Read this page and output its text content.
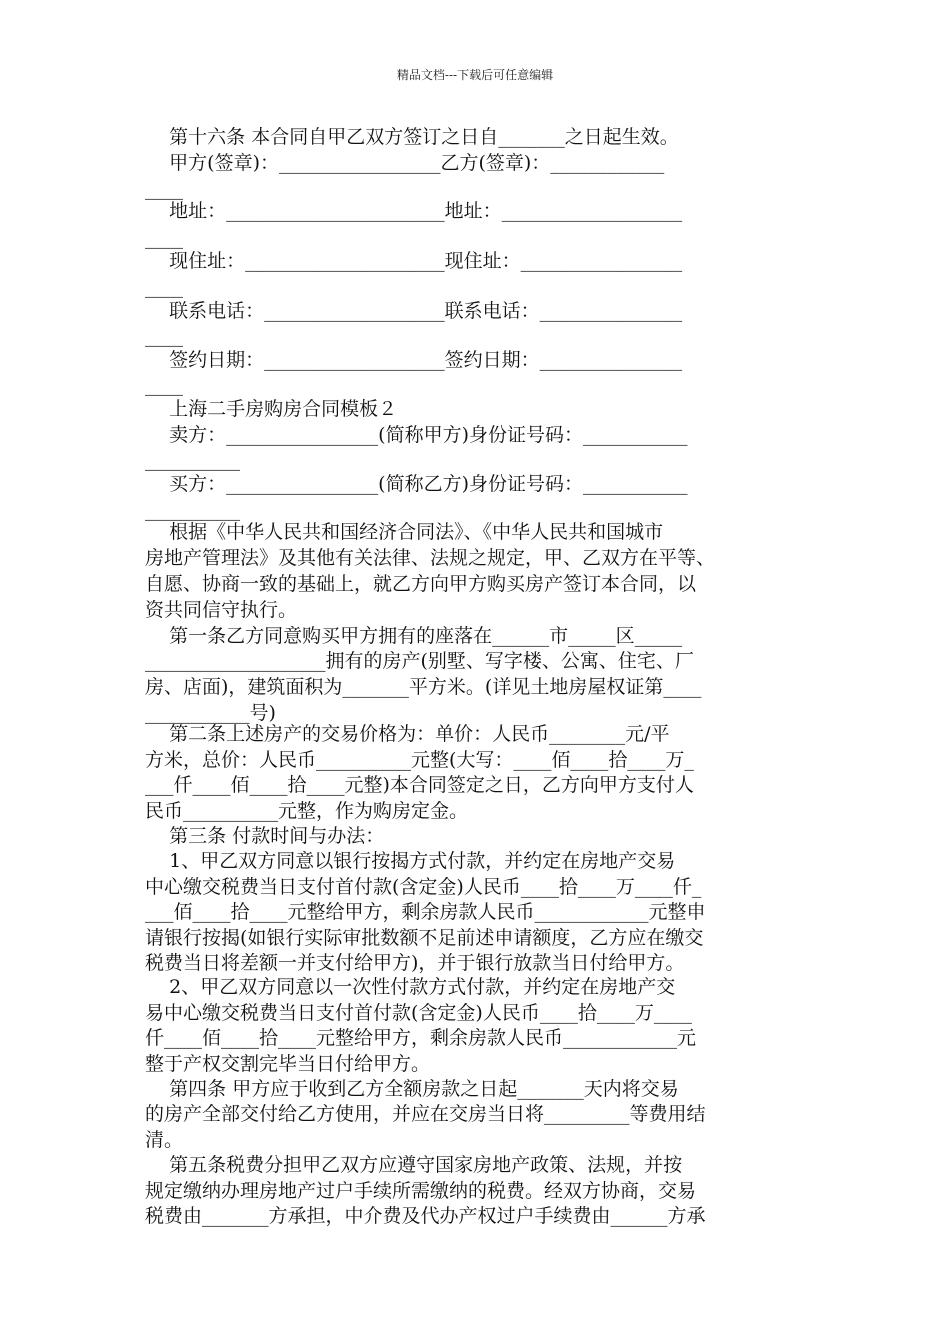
精品文档---下载后可任意编辑
第十六条 本合同自甲乙双方签订之日自_______之日起生效。
甲方(签章)：_________________乙方(签章)：____________
____
地址：_______________________地址：___________________
____
现住址：_____________________现住址：_________________
____
联系电话：___________________联系电话：_______________
____
签约日期：___________________签约日期：_______________
____
上海二手房购房合同模板２
卖方：________________(简称甲方)身份证号码：___________
__________
买方：________________(简称乙方)身份证号码：___________
__________
根据《中华人民共和国经济合同法》、《中华人民共和国城市
房地产管理法》及其他有关法律、法规之规定，甲、乙双方在平等、
自愿、协商一致的基础上，就乙方向甲方购买房产签订本合同，以
资共同信守执行。
第一条乙方同意购买甲方拥有的座落在______市_____区_____
___________________拥有的房产(别墅、写字楼、公寓、住宅、厂
房、店面)，建筑面积为_______平方米。(详见土地房屋权证第____
___________号)
第二条上述房产的交易价格为：单价：人民币________元/平
方米，总价：人民币__________元整(大写：____佰____拾____万_
___仟____佰____拾____元整)本合同签定之日，乙方向甲方支付人
民币__________元整，作为购房定金。
第三条 付款时间与办法：
1、甲乙双方同意以银行按揭方式付款，并约定在房地产交易
中心缴交税费当日支付首付款(含定金)人民币____拾____万____仟_
___佰____拾____元整给甲方，剩余房款人民币____________元整申
请银行按揭(如银行实际审批数额不足前述申请额度，乙方应在缴交
税费当日将差额一并支付给甲方)，并于银行放款当日付给甲方。
2、甲乙双方同意以一次性付款方式付款，并约定在房地产交
易中心缴交税费当日支付首付款(含定金)人民币____拾____万____
仟____佰____拾____元整给甲方，剩余房款人民币____________元
整于产权交割完毕当日付给甲方。
第四条 甲方应于收到乙方全额房款之日起_______天内将交易
的房产全部交付给乙方使用，并应在交房当日将_________等费用结
清。
第五条税费分担甲乙双方应遵守国家房地产政策、法规，并按
规定缴纳办理房地产过户手续所需缴纳的税费。经双方协商，交易
税费由_______方承担，中介费及代办产权过户手续费由______方承
